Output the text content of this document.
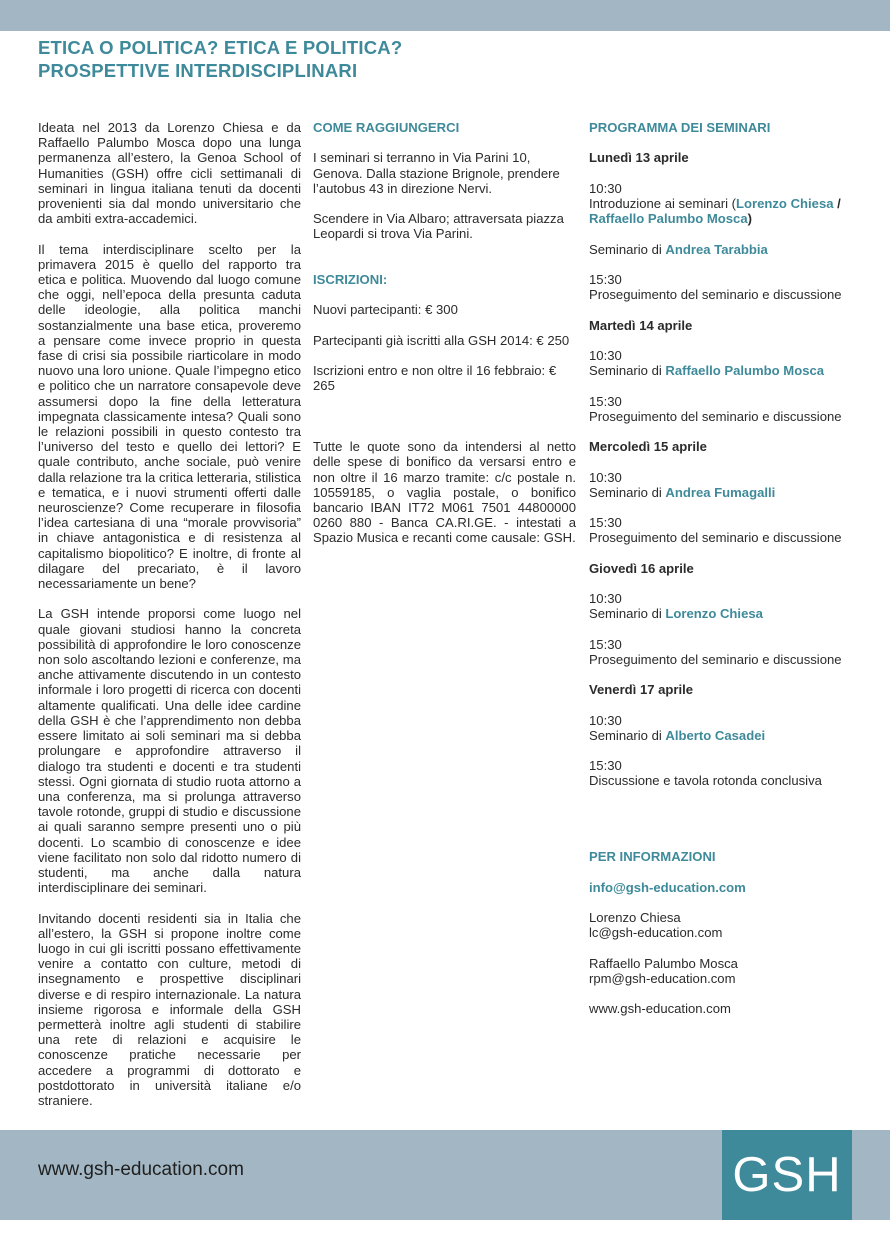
ETICA O POLITICA? ETICA E POLITICA?
PROSPETTIVE INTERDISCIPLINARI

Ideata nel 2013 da Lorenzo Chiesa e da Raffaello Palumbo Mosca dopo una lunga permanenza all’estero, la Genoa School of Humanities (GSH) offre cicli settimanali di seminari in lingua italiana tenuti da docenti provenienti sia dal mondo universitario che da ambiti extra-accademici.

Il tema interdisciplinare scelto per la primavera 2015 è quello del rapporto tra etica e politica. Muovendo dal luogo comune che oggi, nell’epoca della presunta caduta delle ideologie, alla politica manchi sostanzialmente una base etica, proveremo a pensare come invece proprio in questa fase di crisi sia possibile riarticolare in modo nuovo una loro unione. Quale l’impegno etico e politico che un narratore consapevole deve assumersi dopo la fine della letteratura impegnata classicamente intesa? Quali sono le relazioni possibili in questo contesto tra l’universo del testo e quello dei lettori? E quale contributo, anche sociale, può venire dalla relazione tra la critica letteraria, stilistica e tematica, e i nuovi strumenti offerti dalle neuroscienze? Come recuperare in filosofia l’idea cartesiana di una “morale provvisoria” in chiave antagonistica e di resistenza al capitalismo biopolitico? E inoltre, di fronte al dilagare del precariato, è il lavoro necessariamente un bene?

La GSH intende proporsi come luogo nel quale giovani studiosi hanno la concreta possibilità di approfondire le loro conoscenze non solo ascoltando lezioni e conferenze, ma anche attivamente discutendo in un contesto informale i loro progetti di ricerca con docenti altamente qualificati. Una delle idee cardine della GSH è che l’apprendimento non debba essere limitato ai soli seminari ma si debba prolungare e approfondire attraverso il dialogo tra studenti e docenti e tra studenti stessi. Ogni giornata di studio ruota attorno a una conferenza, ma si prolunga attraverso tavole rotonde, gruppi di studio e discussione ai quali saranno sempre presenti uno o più docenti. Lo scambio di conoscenze e idee viene facilitato non solo dal ridotto numero di studenti, ma anche dalla natura interdisciplinare dei seminari.

Invitando docenti residenti sia in Italia che all’estero, la GSH si propone inoltre come luogo in cui gli iscritti possano effettivamente venire a contatto con culture, metodi di insegnamento e prospettive disciplinari diverse e di respiro internazionale. La natura insieme rigorosa e informale della GSH permetterà inoltre agli studenti di stabilire una rete di relazioni e acquisire le conoscenze pratiche necessarie per accedere a programmi di dottorato e postdottorato in università italiane e/o straniere.

COME RAGGIUNGERCI

I seminari si terranno in Via Parini 10, Genova. Dalla stazione Brignole, prendere l’autobus 43 in direzione Nervi.

Scendere in Via Albaro; attraversata piazza Leopardi si trova Via Parini.

ISCRIZIONI:

Nuovi partecipanti: € 300

Partecipanti già iscritti alla GSH 2014: € 250

Iscrizioni entro e non oltre il 16 febbraio: € 265

Tutte le quote sono da intendersi al netto delle spese di bonifico da versarsi entro e non oltre il 16 marzo tramite: c/c postale n. 10559185, o vaglia postale, o bonifico bancario IBAN IT72 M061 7501 44800000 0260 880 - Banca CA.RI.GE. - intestati a Spazio Musica e recanti come causale: GSH.

PROGRAMMA DEI SEMINARI
Lunedì 13 aprile
10:30
Introduzione ai seminari (Lorenzo Chiesa / Raffaello Palumbo Mosca)
Seminario di Andrea Tarabbia
15:30
Proseguimento del seminario e discussione
Martedì 14 aprile
10:30
Seminario di Raffaello Palumbo Mosca
15:30
Proseguimento del seminario e discussione
Mercoledì 15 aprile
10:30
Seminario di Andrea Fumagalli
15:30
Proseguimento del seminario e discussione
Giovedì 16 aprile
10:30
Seminario di Lorenzo Chiesa
15:30
Proseguimento del seminario e discussione
Venerdì 17 aprile
10:30
Seminario di Alberto Casadei
15:30
Discussione e tavola rotonda conclusiva
PER INFORMAZIONI
info@gsh-education.com
Lorenzo Chiesa
lc@gsh-education.com
Raffaello Palumbo Mosca
rpm@gsh-education.com
www.gsh-education.com
www.gsh-education.com	GSH
